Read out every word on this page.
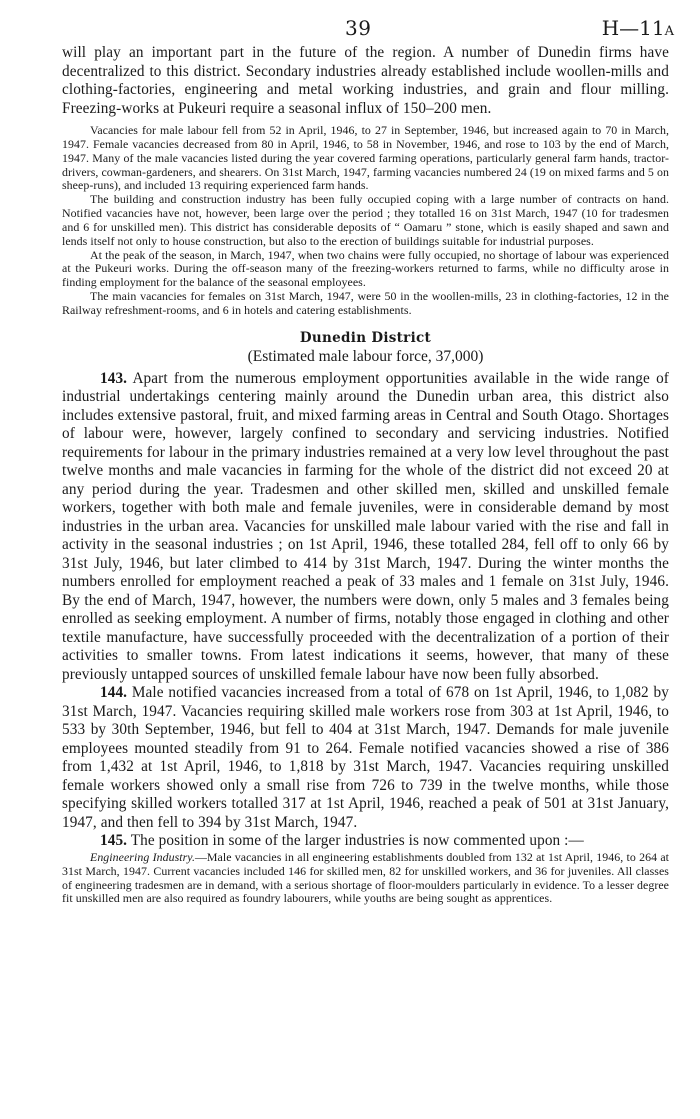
39	H—11A

will play an important part in the future of the region. A number of Dunedin firms have decentralized to this district. Secondary industries already established include woollen-mills and clothing-factories, engineering and metal working industries, and grain and flour milling. Freezing-works at Pukeuri require a seasonal influx of 150–200 men.

Vacancies for male labour fell from 52 in April, 1946, to 27 in September, 1946, but increased again to 70 in March, 1947. Female vacancies decreased from 80 in April, 1946, to 58 in November, 1946, and rose to 103 by the end of March, 1947. Many of the male vacancies listed during the year covered farming operations, particularly general farm hands, tractor-drivers, cowman-gardeners, and shearers. On 31st March, 1947, farming vacancies numbered 24 (19 on mixed farms and 5 on sheep-runs), and included 13 requiring experienced farm hands.

The building and construction industry has been fully occupied coping with a large number of contracts on hand. Notified vacancies have not, however, been large over the period ; they totalled 16 on 31st March, 1947 (10 for tradesmen and 6 for unskilled men). This district has considerable deposits of “ Oamaru ” stone, which is easily shaped and sawn and lends itself not only to house construction, but also to the erection of buildings suitable for industrial purposes.

At the peak of the season, in March, 1947, when two chains were fully occupied, no shortage of labour was experienced at the Pukeuri works. During the off-season many of the freezing-workers returned to farms, while no difficulty arose in finding employment for the balance of the seasonal employees.

The main vacancies for females on 31st March, 1947, were 50 in the woollen-mills, 23 in clothing-factories, 12 in the Railway refreshment-rooms, and 6 in hotels and catering establishments.

Dunedin District
(Estimated male labour force, 37,000)

143. Apart from the numerous employment opportunities available in the wide range of industrial undertakings centering mainly around the Dunedin urban area, this district also includes extensive pastoral, fruit, and mixed farming areas in Central and South Otago. Shortages of labour were, however, largely confined to secondary and servicing industries. Notified requirements for labour in the primary industries remained at a very low level throughout the past twelve months and male vacancies in farming for the whole of the district did not exceed 20 at any period during the year. Tradesmen and other skilled men, skilled and unskilled female workers, together with both male and female juveniles, were in considerable demand by most industries in the urban area. Vacancies for unskilled male labour varied with the rise and fall in activity in the seasonal industries ; on 1st April, 1946, these totalled 284, fell off to only 66 by 31st July, 1946, but later climbed to 414 by 31st March, 1947. During the winter months the numbers enrolled for employment reached a peak of 33 males and 1 female on 31st July, 1946. By the end of March, 1947, however, the numbers were down, only 5 males and 3 females being enrolled as seeking employment. A number of firms, notably those engaged in clothing and other textile manufacture, have successfully proceeded with the decentralization of a portion of their activities to smaller towns. From latest indications it seems, however, that many of these previously untapped sources of unskilled female labour have now been fully absorbed.

144. Male notified vacancies increased from a total of 678 on 1st April, 1946, to 1,082 by 31st March, 1947. Vacancies requiring skilled male workers rose from 303 at 1st April, 1946, to 533 by 30th September, 1946, but fell to 404 at 31st March, 1947. Demands for male juvenile employees mounted steadily from 91 to 264. Female notified vacancies showed a rise of 386 from 1,432 at 1st April, 1946, to 1,818 by 31st March, 1947. Vacancies requiring unskilled female workers showed only a small rise from 726 to 739 in the twelve months, while those specifying skilled workers totalled 317 at 1st April, 1946, reached a peak of 501 at 31st January, 1947, and then fell to 394 by 31st March, 1947.

145. The position in some of the larger industries is now commented upon :—

Engineering Industry.—Male vacancies in all engineering establishments doubled from 132 at 1st April, 1946, to 264 at 31st March, 1947. Current vacancies included 146 for skilled men, 82 for unskilled workers, and 36 for juveniles. All classes of engineering tradesmen are in demand, with a serious shortage of floor-moulders particularly in evidence. To a lesser degree fit unskilled men are also required as foundry labourers, while youths are being sought as apprentices.
